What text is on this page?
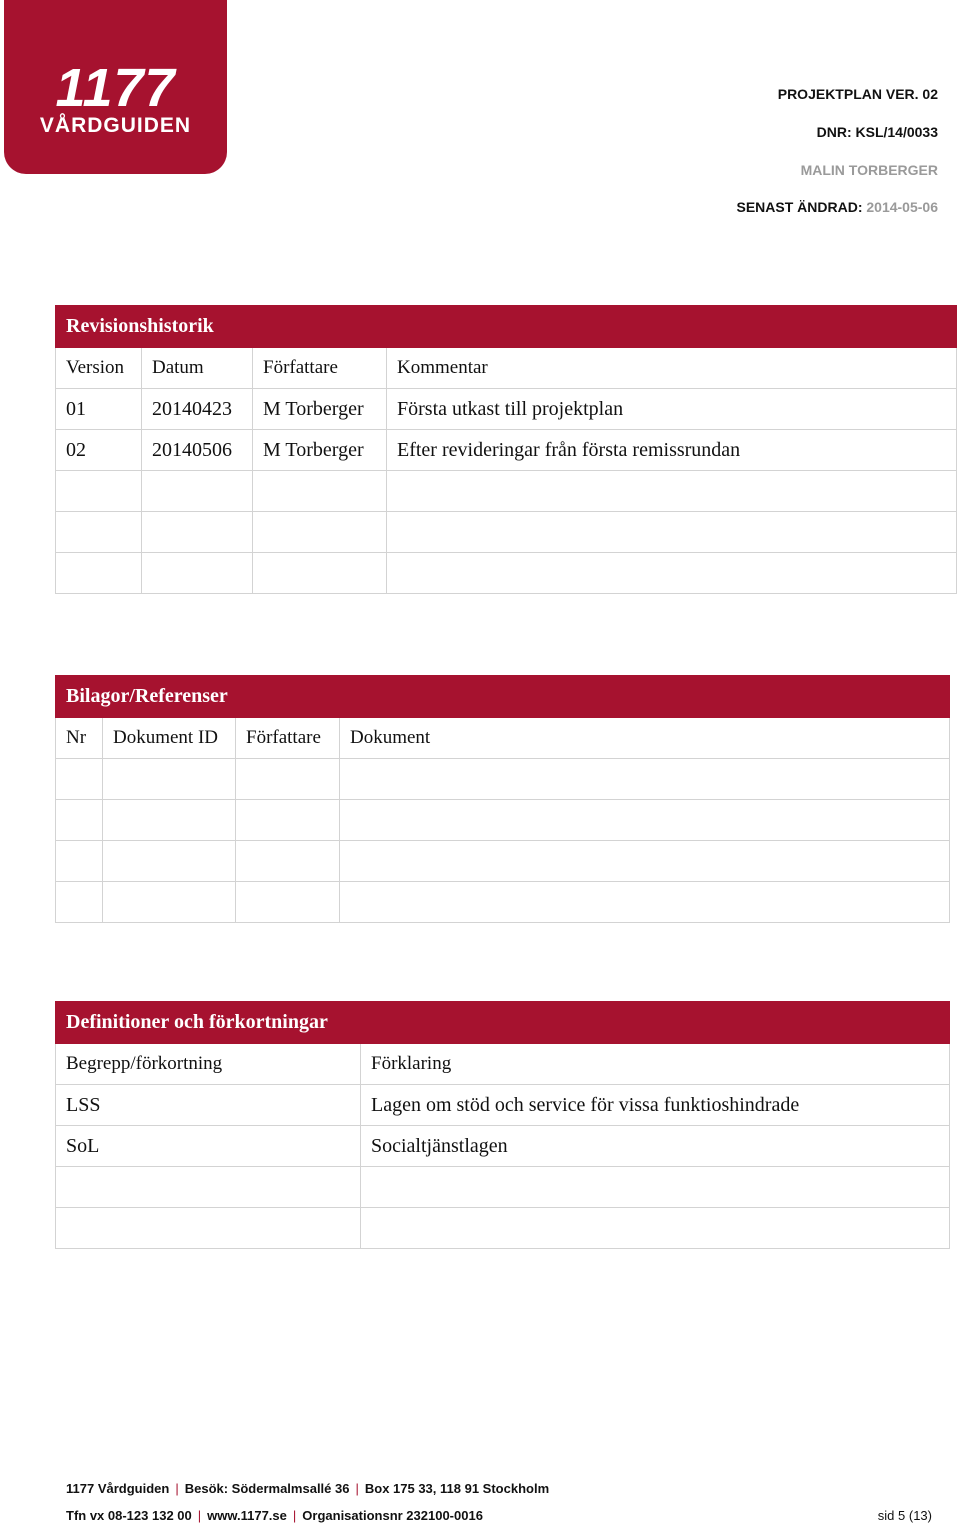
1177
VÅRDGUIDEN
PROJEKTPLAN VER. 02
DNR: KSL/14/0033
MALIN TORBERGER
SENAST ÄNDRAD: 2014-05-06
Revisionshistorik			
Version	Datum	Författare	Kommentar
01	20140423	M Torberger	Första utkast till projektplan
02	20140506	M Torberger	Efter revideringar från första remissrundan

Bilagor/Referenser			
Nr	Dokument ID	Författare	Dokument

Definitioner och förkortningar	
Begrepp/förkortning	Förklaring
LSS	Lagen om stöd och service för vissa funktioshindrade
SoL	Socialtjänstlagen

1177 Vårdguiden | Besök: Södermalmsallé 36 | Box 175 33, 118 91 Stockholm
Tfn vx 08-123 132 00 | www.1177.se | Organisationsnr 232100-0016	sid 5 (13)
